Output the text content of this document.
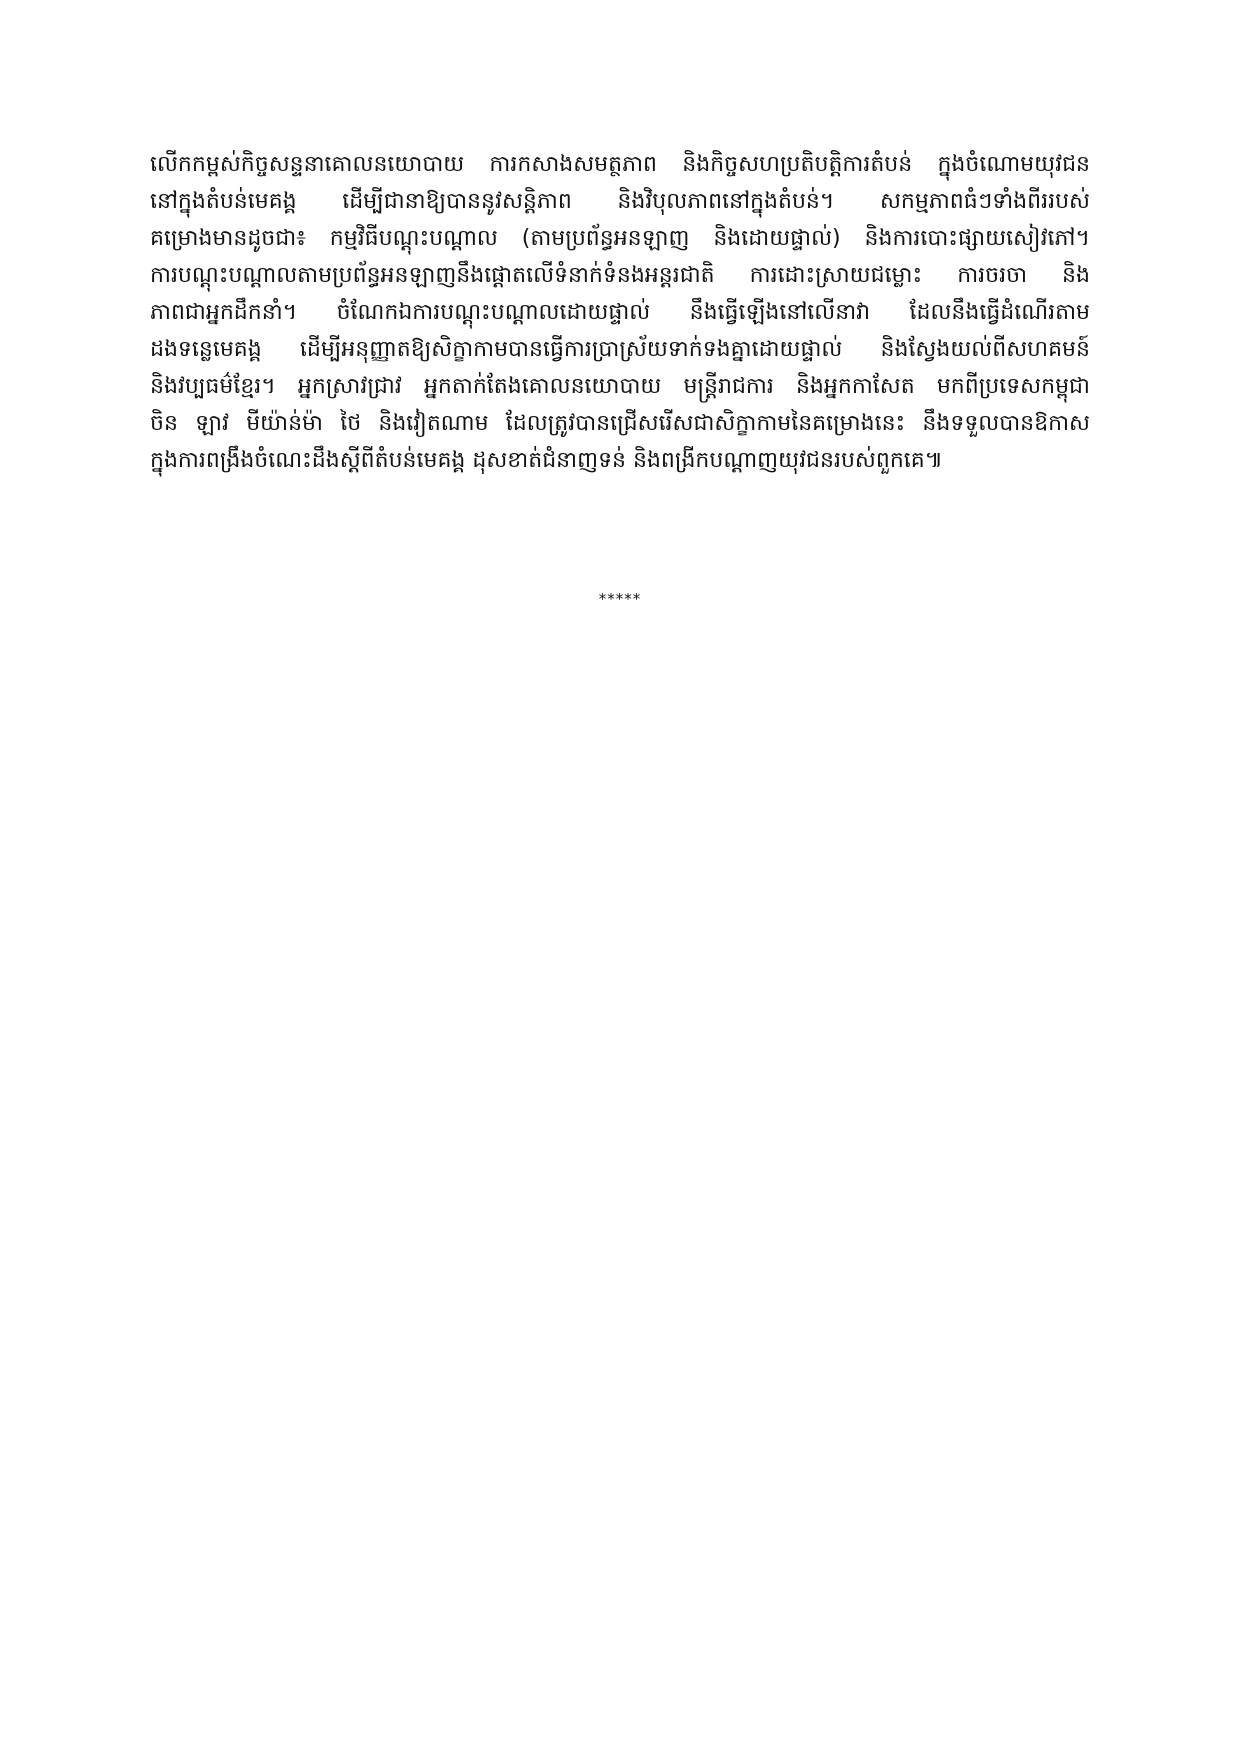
លើកកម្ពស់កិច្ចសន្ទនាគោលនយោបាយ ការកសាងសមត្ថភាព និងកិច្ចសហប្រតិបត្តិការតំបន់ ក្នុងចំណោមយុវជន
នៅក្នុងតំបន់មេគង្គ ដើម្បីជានាឱ្យបាននូវសន្តិភាព និងវិបុលភាពនៅក្នុងតំបន់។ សកម្មភាពធំៗទាំងពីររបស់
គម្រោងមានដូចជា៖ កម្មវិធីបណ្តុះបណ្តាល (តាមប្រព័ន្ធអនឡាញ និងដោយផ្ទាល់) និងការបោះផ្សាយសៀវភៅ។
ការបណ្តុះបណ្តាលតាមប្រព័ន្ធអនឡាញនឹងផ្តោតលើទំនាក់ទំនងអន្តរជាតិ ការដោះស្រាយជម្លោះ ការចរចា និង
ភាពជាអ្នកដឹកនាំ។ ចំណែកឯការបណ្តុះបណ្តាលដោយផ្ទាល់ នឹងធ្វើឡើងនៅលើនាវា ដែលនឹងធ្វើដំណើរតាម
ដងទន្លេមេគង្គ ដើម្បីអនុញ្ញាតឱ្យសិក្ខាកាមបានធ្វើការប្រាស្រ័យទាក់ទងគ្នាដោយផ្ទាល់ និងស្វែងយល់ពីសហគមន៍
និងវប្បធម៌ខ្មែរ។ អ្នកស្រាវជ្រាវ អ្នកតាក់តែងគោលនយោបាយ មន្ត្រីរាជការ និងអ្នកកាសែត មកពីប្រទេសកម្ពុជា
ចិន ឡាវ មីយ៉ាន់ម៉ា ថៃ និងវៀតណាម ដែលត្រូវបានជ្រើសរើសជាសិក្ខាកាមនៃគម្រោងនេះ នឹងទទួលបានឱកាស
ក្នុងការពង្រឹងចំណេះដឹងស្តីពីតំបន់មេគង្គ ដុសខាត់ជំនាញទន់ និងពង្រីកបណ្តាញយុវជនរបស់ពួកគេ៕
*****
